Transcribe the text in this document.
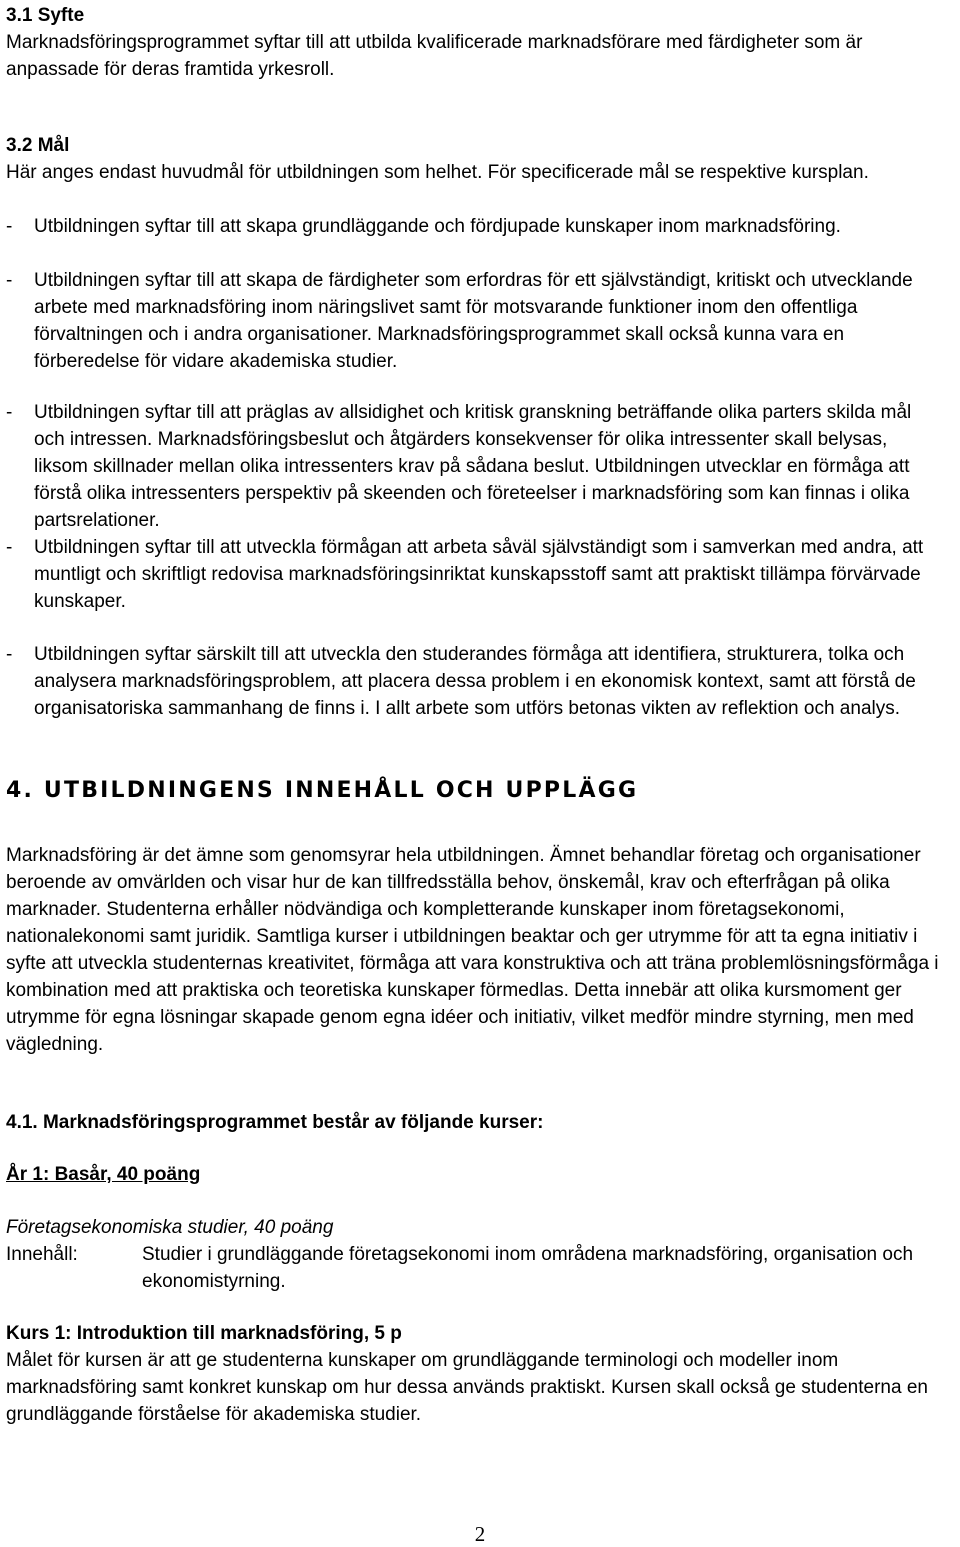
3.1 Syfte
Marknadsföringsprogrammet syftar till att utbilda kvalificerade marknadsförare med färdigheter som är anpassade för deras framtida yrkesroll.
3.2 Mål
Här anges endast huvudmål för utbildningen som helhet. För specificerade mål se respektive kursplan.
-	Utbildningen syftar till att skapa grundläggande och fördjupade kunskaper inom marknadsföring.
-	Utbildningen syftar till att skapa de färdigheter som erfordras för ett självständigt, kritiskt och utvecklande arbete med marknadsföring inom näringslivet samt för motsvarande funktioner inom den offentliga förvaltningen och i andra organisationer. Marknadsföringsprogrammet skall också kunna vara en förberedelse för vidare akademiska studier.
-	Utbildningen syftar till att präglas av allsidighet och kritisk granskning beträffande olika parters skilda mål och intressen. Marknadsföringsbeslut och åtgärders konsekvenser för olika intressenter skall belysas, liksom skillnader mellan olika intressenters krav på sådana beslut. Utbildningen utvecklar en förmåga att förstå olika intressenters perspektiv på skeenden och företeelser i marknadsföring som kan finnas i olika partsrelationer.
-	Utbildningen syftar till att utveckla förmågan att arbeta såväl självständigt som i samverkan med andra, att muntligt och skriftligt redovisa marknadsföringsinriktat kunskapsstoff samt att praktiskt tillämpa förvärvade kunskaper.
-	Utbildningen syftar särskilt till att utveckla den studerandes förmåga att identifiera, strukturera, tolka och analysera marknadsföringsproblem, att placera dessa problem i en ekonomisk kontext, samt att förstå de organisatoriska sammanhang de finns i. I allt arbete som utförs betonas vikten av reflektion och analys.
4. UTBILDNINGENS INNEHÅLL OCH UPPLÄGG
Marknadsföring är det ämne som genomsyrar hela utbildningen. Ämnet behandlar företag och organisationer beroende av omvärlden och visar hur de kan tillfredsställa behov, önskemål, krav och efterfrågan på olika marknader. Studenterna erhåller nödvändiga och kompletterande kunskaper inom företagsekonomi, nationalekonomi samt juridik. Samtliga kurser i utbildningen beaktar och ger utrymme för att ta egna initiativ i syfte att utveckla studenternas kreativitet, förmåga att vara konstruktiva och att träna problemlösningsförmåga i kombination med att praktiska och teoretiska kunskaper förmedlas. Detta innebär att olika kursmoment ger utrymme för egna lösningar skapade genom egna idéer och initiativ, vilket medför mindre styrning, men med vägledning.
4.1. Marknadsföringsprogrammet består av följande kurser:
År 1: Basår, 40 poäng
Företagsekonomiska studier, 40 poäng
Innehåll:	Studier i grundläggande företagsekonomi inom områdena marknadsföring, organisation och ekonomistyrning.
Kurs 1: Introduktion till marknadsföring, 5 p
Målet för kursen är att ge studenterna kunskaper om grundläggande terminologi och modeller inom marknadsföring samt konkret kunskap om hur dessa används praktiskt. Kursen skall också ge studenterna en grundläggande förståelse för akademiska studier.
2
